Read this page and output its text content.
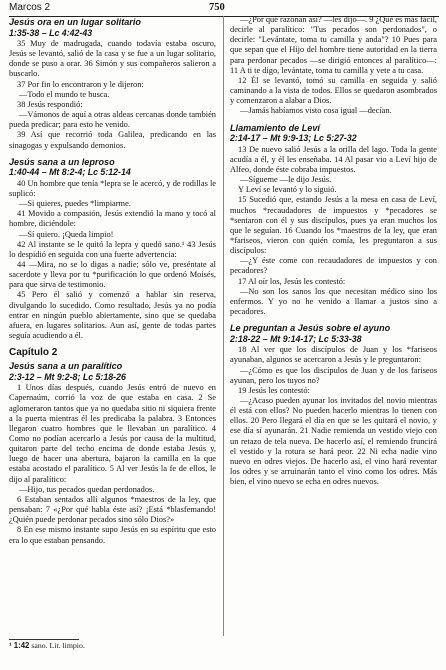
Marcos 2	750
Jesús ora en un lugar solitario
1:35-38 – Lc 4:42-43

35 Muy de madrugada, cuando todavía estaba oscuro, Jesús se levantó, salió de la casa y se fue a un lugar solitario, donde se puso a orar. 36 Simón y sus compañeros salieron a buscarlo.

37 Por fin lo encontraron y le dijeron:

—Todo el mundo te busca.

38 Jesús respondió:

—Vámonos de aquí a otras aldeas cercanas donde también pueda predicar; para esto he venido.

39 Así que recorrió toda Galilea, predicando en las sinagogas y expulsando demonios.

Jesús sana a un leproso
1:40-44 – Mt 8:2-4; Lc 5:12-14

40 Un hombre que tenía *lepra se le acercó, y de rodillas le suplicó:

—Si quieres, puedes *limpiarme.

41 Movido a compasión, Jesús extendió la mano y tocó al hombre, diciéndole:

—Sí quiero. ¡Queda limpio!

42 Al instante se le quitó la lepra y quedó sano.¹ 43 Jesús lo despidió en seguida con una fuerte advertencia:

44 —Mira, no se lo digas a nadie; sólo ve, preséntate al sacerdote y lleva por tu *purificación lo que ordenó Moisés, para que sirva de testimonio.

45 Pero él salió y comenzó a hablar sin reserva, divulgando lo sucedido. Como resultado, Jesús ya no podía entrar en ningún pueblo abiertamente, sino que se quedaba afuera, en lugares solitarios. Aun así, gente de todas partes seguía acudiendo a él.

Capítulo 2
Jesús sana a un paralítico
2:3-12 – Mt 9:2-8; Lc 5:18-26

1 Unos días después, cuando Jesús entró de nuevo en Capernaúm, corrió la voz de que estaba en casa. 2 Se aglomeraron tantos que ya no quedaba sitio ni siquiera frente a la puerta mientras él les predicaba la palabra. 3 Entonces llegaron cuatro hombres que le llevaban un paralítico. 4 Como no podían acercarlo a Jesús por causa de la multitud, quitaron parte del techo encima de donde estaba Jesús y, luego de hacer una abertura, bajaron la camilla en la que estaba acostado el paralítico. 5 Al ver Jesús la fe de ellos, le dijo al paralítico:

—Hijo, tus pecados quedan perdonados.

6 Estaban sentados allí algunos *maestros de la ley, que pensaban: 7 «¿Por qué habla éste así? ¡Está *blasfemando! ¿Quién puede perdonar pecados sino sólo Dios?»

8 En ese mismo instante supo Jesús en su espíritu que esto era lo que estaban pensando.

—¿Por qué razonan así? —les dijo—. 9 ¿Qué es más fácil, decirle al paralítico: "Tus pecados son perdonados", o decirle: "Levántate, toma tu camilla y anda"? 10 Pues para que sepan que el Hijo del hombre tiene autoridad en la tierra para perdonar pecados —se dirigió entonces al paralítico—: 11 A ti te digo, levántate, toma tu camilla y vete a tu casa.

12 Él se levantó, tomó su camilla en seguida y salió caminando a la vista de todos. Ellos se quedaron asombrados y comenzaron a alabar a Dios.

—Jamás habíamos visto cosa igual —decían.

Llamamiento de Leví
2:14-17 – Mt 9:9-13; Lc 5:27-32

13 De nuevo salió Jesús a la orilla del lago. Toda la gente acudía a él, y él les enseñaba. 14 Al pasar vio a Leví hijo de Alfeo, donde éste cobraba impuestos.

—Sígueme —le dijo Jesús.

Y Leví se levantó y lo siguió.

15 Sucedió que, estando Jesús a la mesa en casa de Leví, muchos *recaudadores de impuestos y *pecadores se *sentaron con él y sus discípulos, pues ya eran muchos los que le seguían. 16 Cuando los *maestros de la ley, que eran *fariseos, vieron con quién comía, les preguntaron a sus discípulos:

—¿Y éste come con recaudadores de impuestos y con pecadores?

17 Al oír los, Jesús les contestó:

—No son los sanos los que necesitan médico sino los enfermos. Y yo no he venido a llamar a justos sino a pecadores.

Le preguntan a Jesús sobre el ayuno
2:18-22 – Mt 9:14-17; Lc 5:33-38

18 Al ver que los discípulos de Juan y los *fariseos ayunaban, algunos se acercaron a Jesús y le preguntaron:

—¿Cómo es que los discípulos de Juan y de los fariseos ayunan, pero los tuyos no?

19 Jesús les contestó:

—¿Acaso pueden ayunar los invitados del novio mientras él está con ellos? No pueden hacerlo mientras lo tienen con ellos. 20 Pero llegará el día en que se les quitará el novio, y ese día sí ayunarán. 21 Nadie remienda un vestido viejo con un retazo de tela nueva. De hacerlo así, el remiendo fruncirá el vestido y la rotura se hará peor. 22 Ni echa nadie vino nuevo en odres viejos. De hacerlo así, el vino hará reventar los odres y se arruinarán tanto el vino como los odres. Más bien, el vino nuevo se echa en odres nuevos.

¹ 1:42 sano. Lit. limpio.
